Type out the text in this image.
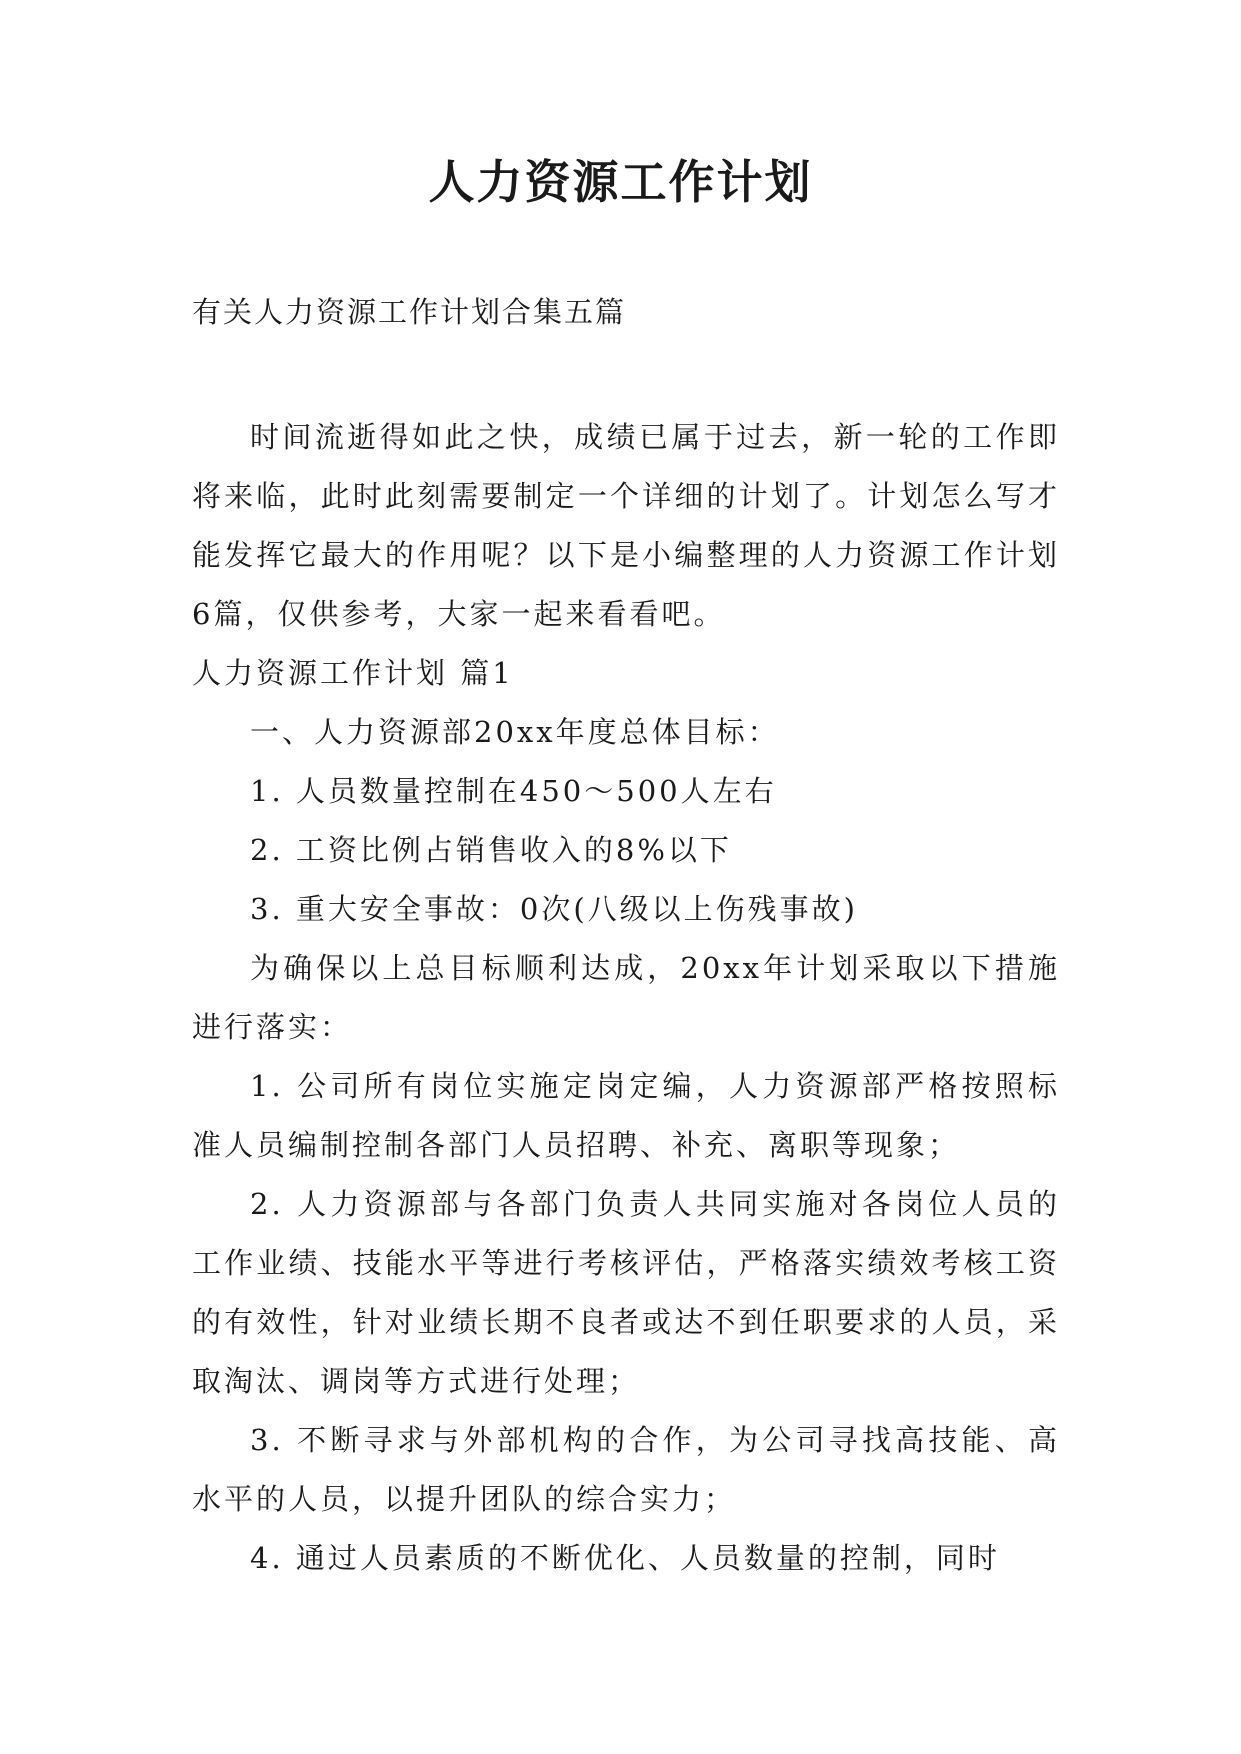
人力资源工作计划

有关人力资源工作计划合集五篇

时间流逝得如此之快，成绩已属于过去，新一轮的工作即将来临，此时此刻需要制定一个详细的计划了。计划怎么写才能发挥它最大的作用呢？以下是小编整理的人力资源工作计划6篇，仅供参考，大家一起来看看吧。

人力资源工作计划 篇1

一、人力资源部20xx年度总体目标：

1. 人员数量控制在450～500人左右

2. 工资比例占销售收入的8%以下

3. 重大安全事故：0次(八级以上伤残事故)

为确保以上总目标顺利达成，20xx年计划采取以下措施进行落实：

1. 公司所有岗位实施定岗定编，人力资源部严格按照标准人员编制控制各部门人员招聘、补充、离职等现象；

2. 人力资源部与各部门负责人共同实施对各岗位人员的工作业绩、技能水平等进行考核评估，严格落实绩效考核工资的有效性，针对业绩长期不良者或达不到任职要求的人员，采取淘汰、调岗等方式进行处理；

3. 不断寻求与外部机构的合作，为公司寻找高技能、高水平的人员，以提升团队的综合实力；

4. 通过人员素质的不断优化、人员数量的控制，同时
